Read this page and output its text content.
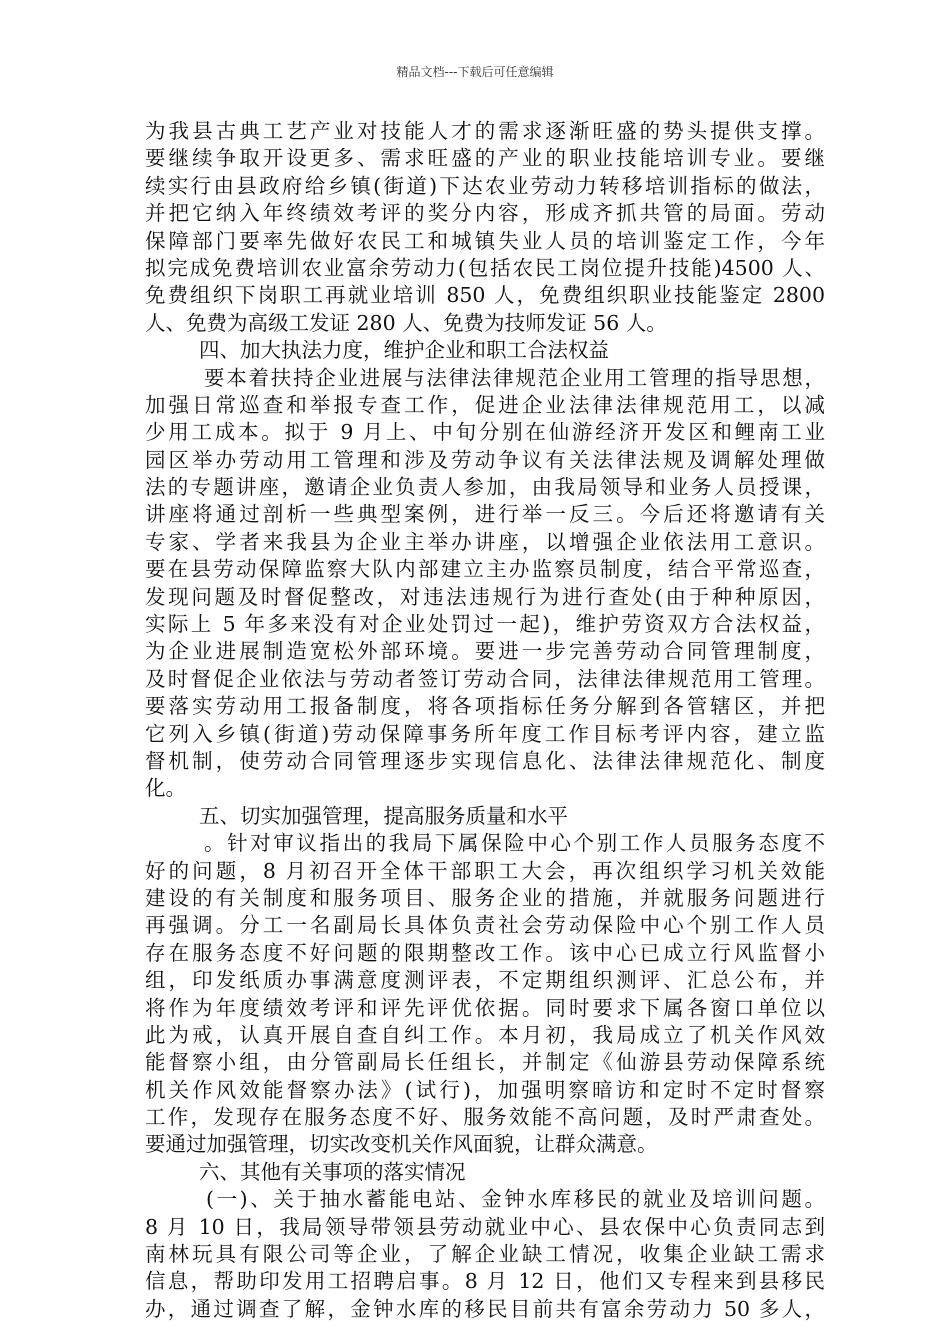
精品文档---下载后可任意编辑
为我县古典工艺产业对技能人才的需求逐渐旺盛的势头提供支撑。
要继续争取开设更多、需求旺盛的产业的职业技能培训专业。要继
续实行由县政府给乡镇(街道)下达农业劳动力转移培训指标的做法，
并把它纳入年终绩效考评的奖分内容，形成齐抓共管的局面。劳动
保障部门要率先做好农民工和城镇失业人员的培训鉴定工作，今年
拟完成免费培训农业富余劳动力(包括农民工岗位提升技能)4500 人、
免费组织下岗职工再就业培训 850 人，免费组织职业技能鉴定 2800
人、免费为高级工发证 280 人、免费为技师发证 56 人。
四、加大执法力度，维护企业和职工合法权益
要本着扶持企业进展与法律法律规范企业用工管理的指导思想，
加强日常巡查和举报专查工作，促进企业法律法律规范用工，以减
少用工成本。拟于 9 月上、中旬分别在仙游经济开发区和鲤南工业
园区举办劳动用工管理和涉及劳动争议有关法律法规及调解处理做
法的专题讲座，邀请企业负责人参加，由我局领导和业务人员授课，
讲座将通过剖析一些典型案例，进行举一反三。今后还将邀请有关
专家、学者来我县为企业主举办讲座，以增强企业依法用工意识。
要在县劳动保障监察大队内部建立主办监察员制度，结合平常巡查，
发现问题及时督促整改，对违法违规行为进行查处(由于种种原因，
实际上 5 年多来没有对企业处罚过一起)，维护劳资双方合法权益，
为企业进展制造宽松外部环境。要进一步完善劳动合同管理制度，
及时督促企业依法与劳动者签订劳动合同，法律法律规范用工管理。
要落实劳动用工报备制度，将各项指标任务分解到各管辖区，并把
它列入乡镇(街道)劳动保障事务所年度工作目标考评内容，建立监
督机制，使劳动合同管理逐步实现信息化、法律法律规范化、制度
化。
五、切实加强管理，提高服务质量和水平
。针对审议指出的我局下属保险中心个别工作人员服务态度不
好的问题，8 月初召开全体干部职工大会，再次组织学习机关效能
建设的有关制度和服务项目、服务企业的措施，并就服务问题进行
再强调。分工一名副局长具体负责社会劳动保险中心个别工作人员
存在服务态度不好问题的限期整改工作。该中心已成立行风监督小
组，印发纸质办事满意度测评表，不定期组织测评、汇总公布，并
将作为年度绩效考评和评先评优依据。同时要求下属各窗口单位以
此为戒，认真开展自查自纠工作。本月初，我局成立了机关作风效
能督察小组，由分管副局长任组长，并制定《仙游县劳动保障系统
机关作风效能督察办法》(试行)，加强明察暗访和定时不定时督察
工作，发现存在服务态度不好、服务效能不高问题，及时严肃查处。
要通过加强管理，切实改变机关作风面貌，让群众满意。
六、其他有关事项的落实情况
(一)、关于抽水蓄能电站、金钟水库移民的就业及培训问题。
8 月 10 日，我局领导带领县劳动就业中心、县农保中心负责同志到
南林玩具有限公司等企业，了解企业缺工情况，收集企业缺工需求
信息，帮助印发用工招聘启事。8 月 12 日，他们又专程来到县移民
办，通过调查了解，金钟水库的移民目前共有富余劳动力 50 多人，
